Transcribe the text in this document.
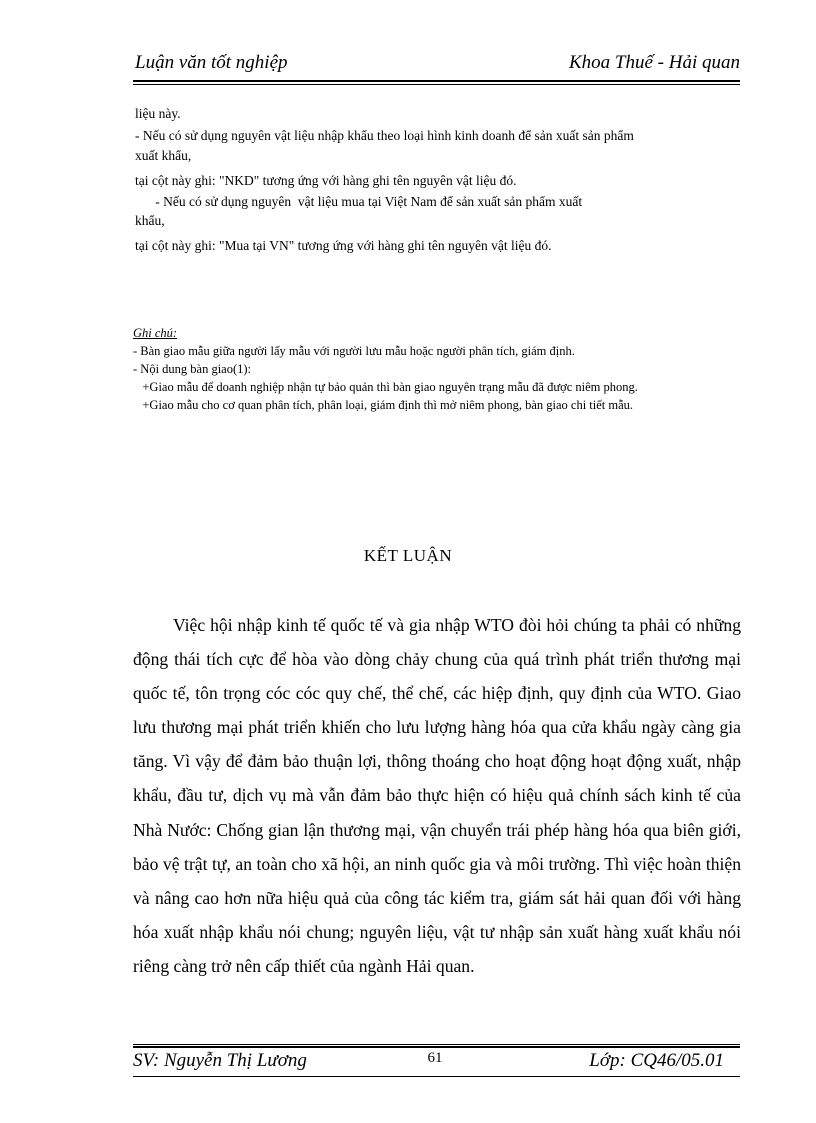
Luận văn tốt nghiệp	Khoa Thuế - Hải quan
liệu này.
- Nếu có sử dụng nguyên vật liệu nhập khẩu theo loại hình kinh doanh để sản xuất sản phẩm
xuất khẩu,
tại cột này ghi: "NKD" tương ứng với hàng ghi tên nguyên vật liệu đó.
- Nếu có sử dụng nguyên  vật liệu mua tại Việt Nam để sản xuất sản phẩm xuất
khẩu,
tại cột này ghi: "Mua tại VN" tương ứng với hàng ghi tên nguyên vật liệu đó.
Ghi chú:
- Bàn giao mẫu giữa người lấy mẫu với người lưu mẫu hoặc người phân tích, giám định.
- Nội dung bàn giao(1):
+Giao mẫu để doanh nghiệp nhận tự bảo quản thì bàn giao nguyên trạng mẫu đã được niêm phong.
+Giao mẫu cho cơ quan phân tích, phân loại, giám định thì mở niêm phong, bàn giao chi tiết mẫu.
KẾT LUẬN
Việc hội nhập kinh tế quốc tế và gia nhập WTO đòi hỏi chúng ta phải có những động thái tích cực để hòa vào dòng chảy chung của quá trình phát triển thương mại quốc tế, tôn trọng cóc cóc quy chế, thể chế, các hiệp định, quy định của WTO. Giao lưu thương mại phát triển khiến cho lưu lượng hàng hóa qua cửa khẩu ngày càng gia tăng. Vì vậy để đảm bảo thuận lợi, thông thoáng cho hoạt động hoạt động xuất, nhập khẩu, đầu tư, dịch vụ mà vẫn đảm bảo thực hiện có hiệu quả chính sách kinh tế của Nhà Nước: Chống gian lận thương mại, vận chuyển trái phép hàng hóa qua biên giới, bảo vệ trật tự, an toàn cho xã hội, an ninh quốc gia và môi trường. Thì việc hoàn thiện và nâng cao hơn nữa hiệu quả của công tác kiểm tra, giám sát hải quan đối với hàng hóa xuất nhập khẩu nói chung; nguyên liệu, vật tư nhập sản xuất hàng xuất khẩu nói riêng càng trở nên cấp thiết của ngành Hải quan.
SV: Nguyễn Thị Lương	61	Lớp: CQ46/05.01
